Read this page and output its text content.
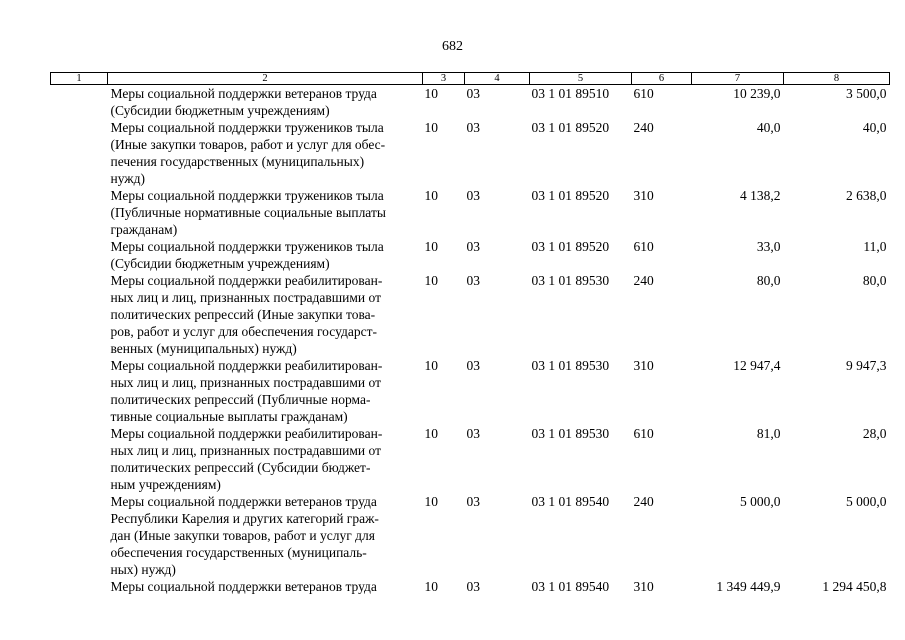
682
1	2	3	4	5	6	7	8

	Меры социальной поддержки ветеранов труда
(Субсидии бюджетным учреждениям)	10	03	03 1 01 89510	610	10 239,0	3 500,0

	Меры социальной поддержки тружеников тыла
(Иные закупки товаров, работ и услуг для обес-
печения государственных (муниципальных)
нужд)	10	03	03 1 01 89520	240	40,0	40,0

	Меры социальной поддержки тружеников тыла
(Публичные нормативные социальные выплаты
гражданам)	10	03	03 1 01 89520	310	4 138,2	2 638,0

	Меры социальной поддержки тружеников тыла
(Субсидии бюджетным учреждениям)	10	03	03 1 01 89520	610	33,0	11,0

	Меры социальной поддержки реабилитирован-
ных лиц и лиц, признанных пострадавшими от
политических репрессий (Иные закупки това-
ров, работ и услуг для обеспечения государст-
венных (муниципальных) нужд)	10	03	03 1 01 89530	240	80,0	80,0

	Меры социальной поддержки реабилитирован-
ных лиц и лиц, признанных пострадавшими от
политических репрессий (Публичные норма-
тивные социальные выплаты гражданам)	10	03	03 1 01 89530	310	12 947,4	9 947,3

	Меры социальной поддержки реабилитирован-
ных лиц и лиц, признанных пострадавшими от
политических репрессий (Субсидии бюджет-
ным учреждениям)	10	03	03 1 01 89530	610	81,0	28,0

	Меры социальной поддержки ветеранов труда
Республики Карелия и других категорий граж-
дан (Иные закупки товаров, работ и услуг для
обеспечения государственных (муниципаль-
ных) нужд)	10	03	03 1 01 89540	240	5 000,0	5 000,0

	Меры социальной поддержки ветеранов труда	10	03	03 1 01 89540	310	1 349 449,9	1 294 450,8
